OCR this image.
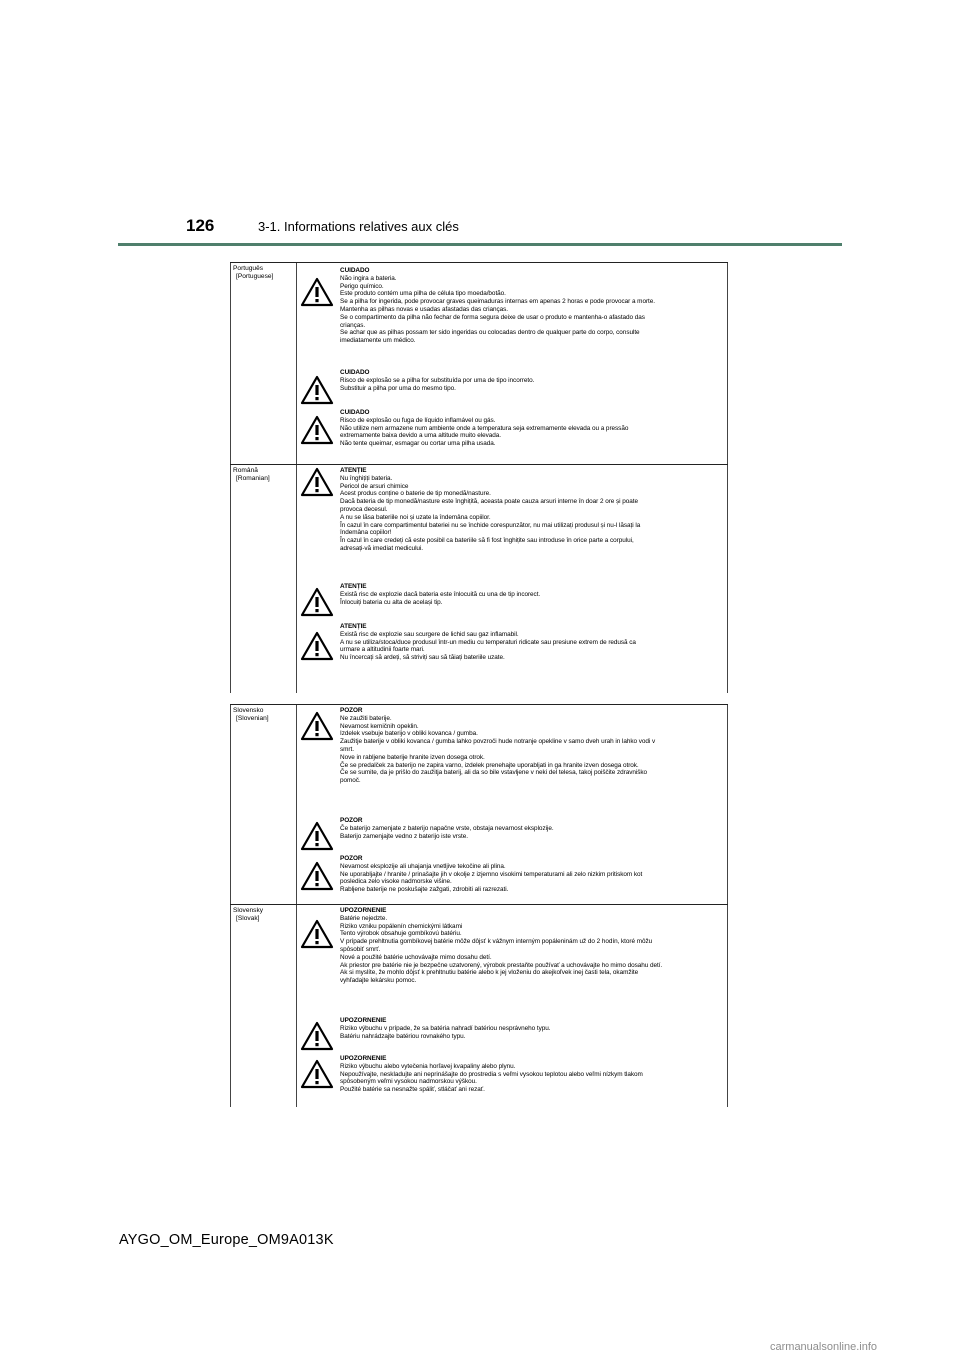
126	3-1. Informations relatives aux clés
Português
[Portuguese]
CUIDADO
Não ingira a bateria.
Perigo químico.
Este produto contém uma pilha de célula tipo moeda/botão.
Se a pilha for ingerida, pode provocar graves queimaduras internas em apenas 2 horas e pode provocar a morte.
Mantenha as pilhas novas e usadas afastadas das crianças.
Se o compartimento da pilha não fechar de forma segura deixe de usar o produto e mantenha-o afastado das
crianças.
Se achar que as pilhas possam ter sido ingeridas ou colocadas dentro de qualquer parte do corpo, consulte
imediatamente um médico.
CUIDADO
Risco de explosão se a pilha for substituída por uma de tipo incorreto.
Substituir a pilha por uma do mesmo tipo.
CUIDADO
Risco de explosão ou fuga de líquido inflamável ou gás.
Não utilize nem armazene num ambiente onde a temperatura seja extremamente elevada ou a pressão
extremamente baixa devido a uma altitude muito elevada.
Não tente queimar, esmagar ou cortar uma pilha usada.
Română
[Romanian]
ATENȚIE
Nu înghițiți bateria.
Pericol de arsuri chimice
Acest produs conține o baterie de tip monedă/nasture.
Dacă bateria de tip monedă/nasture este înghițită, aceasta poate cauza arsuri interne în doar 2 ore și poate
provoca decesul.
A nu se lăsa bateriile noi și uzate la îndemâna copiilor.
În cazul în care compartimentul bateriei nu se închide corespunzător, nu mai utilizați produsul și nu-l lăsați la
îndemâna copiilor!
În cazul în care credeți că este posibil ca bateriile să fi fost înghițite sau introduse în orice parte a corpului,
adresați-vă imediat medicului.
ATENȚIE
Există risc de explozie dacă bateria este înlocuită cu una de tip incorect.
Înlocuiți bateria cu alta de același tip.
ATENȚIE
Există risc de explozie sau scurgere de lichid sau gaz inflamabil.
A nu se utiliza/stoca/duce produsul într-un mediu cu temperaturi ridicate sau presiune extrem de redusă ca
urmare a altitudinii foarte mari.
Nu încercați să ardeți, să striviți sau să tăiați bateriile uzate.
Slovensko
[Slovenian]
POZOR
Ne zaužiti baterije.
Nevarnost kemičnih opeklin.
Izdelek vsebuje baterijo v obliki kovanca / gumba.
Zaužitje baterije v obliki kovanca / gumba lahko povzroči hude notranje opekline v samo dveh urah in lahko vodi v
smrt.
Nove in rabljene baterije hranite izven dosega otrok.
Če se predalček za baterijo ne zapira varno, izdelek prenehajte uporabljati in ga hranite izven dosega otrok.
Če se sumite, da je prišlo do zaužitja baterij, ali da so bile vstavljene v neki del telesa, takoj poiščite zdravniško
pomoč.
POZOR
Če baterijo zamenjate z baterijo napačne vrste, obstaja nevarnost eksplozije.
Baterijo zamenjajte vedno z baterijo iste vrste.
POZOR
Nevarnost eksplozije ali uhajanja vnetljive tekočine ali plina.
Ne uporabljajte / hranite / prinašajte jih v okolje z izjemno visokimi temperaturami ali zelo nizkim pritiskom kot
posledica zelo visoke nadmorske višine.
Rabljene baterije ne poskušajte zažgati, zdrobiti ali razrezati.
Slovensky
[Slovak]
UPOZORNENIE
Batérie nejedzte.
Riziko vzniku popálenín chemickými látkami
Tento výrobok obsahuje gombíkovú batériu.
V prípade prehltnutia gombíkovej batérie môže dôjsť k vážnym interným popáleninám už do 2 hodín, ktoré môžu
spôsobiť smrť.
Nové a použité batérie uchovávajte mimo dosahu detí.
Ak priestor pre batérie nie je bezpečne uzatvorený, výrobok prestaňte používať a uchovávajte ho mimo dosahu detí.
Ak si myslíte, že mohlo dôjsť k prehltnutiu batérie alebo k jej vloženiu do akejkoľvek inej časti tela, okamžite
vyhľadajte lekársku pomoc.
UPOZORNENIE
Riziko výbuchu v prípade, že sa batéria nahradí batériou nesprávneho typu.
Batériu nahrádzajte batériou rovnakého typu.
UPOZORNENIE
Riziko výbuchu alebo vytečenia horľavej kvapaliny alebo plynu.
Nepoužívajte, neskladujte ani neprinášajte do prostredia s veľmi vysokou teplotou alebo veľmi nízkym tlakom
spôsobeným veľmi vysokou nadmorskou výškou.
Použité batérie sa nesnažte spáliť, stláčať ani rezať.
AYGO_OM_Europe_OM9A013K
carmanualsonline.info
